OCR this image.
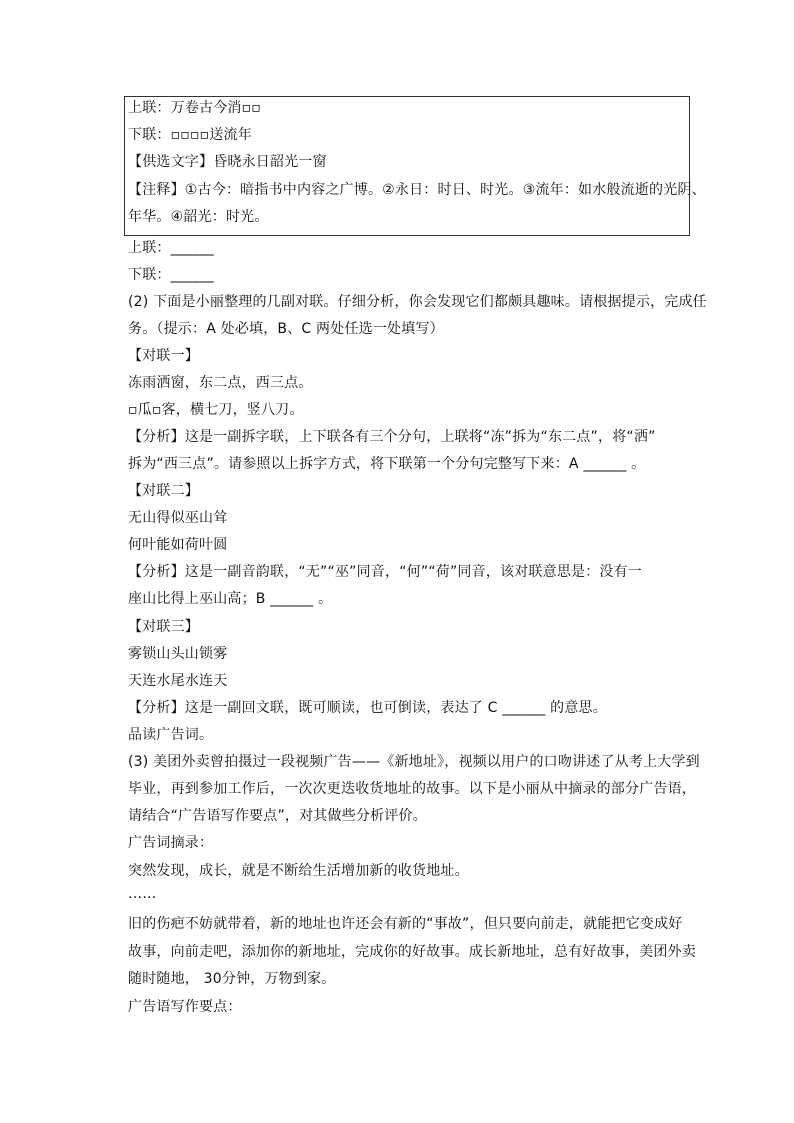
上联：万卷古今消▫▫
下联：▫▫▫▫送流年
【供选文字】昏晓永日韶光一窗
【注释】①古今：暗指书中内容之广博。②永日：时日、时光。③流年：如水般流逝的光阴、
年华。④韶光：时光。
上联：______
下联：______
(2) 下面是小丽整理的几副对联。仔细分析，你会发现它们都颇具趣味。请根据提示，完成任
务。（提示：A 处必填，B、C 两处任选一处填写）
【对联一】
冻雨洒窗，东二点，西三点。
▫瓜▫客，横七刀，竖八刀。
【分析】这是一副拆字联，上下联各有三个分句，上联将“冻”拆为“东二点”，将“洒”
拆为“西三点”。请参照以上拆字方式，将下联第一个分句完整写下来：A ______ 。
【对联二】
无山得似巫山耸
何叶能如荷叶圆
【分析】这是一副音韵联，“无”“巫”同音，“何”“荷”同音，该对联意思是：没有一
座山比得上巫山高；B ______ 。
【对联三】
雾锁山头山锁雾
天连水尾水连天
【分析】这是一副回文联，既可顺读，也可倒读，表达了 C ______ 的意思。
品读广告词。
(3) 美团外卖曾拍摄过一段视频广告——《新地址》，视频以用户的口吻讲述了从考上大学到
毕业，再到参加工作后，一次次更迭收货地址的故事。以下是小丽从中摘录的部分广告语，
请结合“广告语写作要点”，对其做些分析评价。
广告词摘录：
突然发现，成长，就是不断给生活增加新的收货地址。
……
旧的伤疤不妨就带着，新的地址也许还会有新的“事故”，但只要向前走，就能把它变成好
故事，向前走吧，添加你的新地址，完成你的好故事。成长新地址，总有好故事，美团外卖
随时随地， 30分钟，万物到家。
广告语写作要点：
